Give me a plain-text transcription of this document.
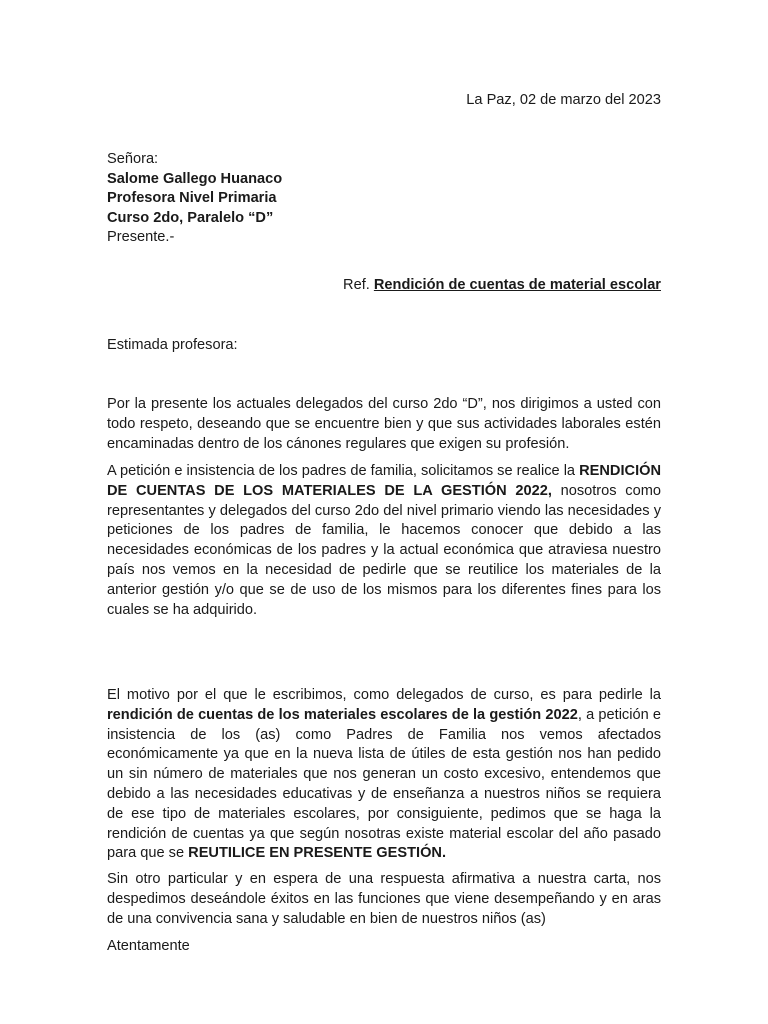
La Paz, 02 de marzo del 2023

Señora:
Salome Gallego Huanaco
Profesora Nivel Primaria
Curso 2do, Paralelo “D”
Presente.-

Ref. Rendición de cuentas de material escolar

Estimada profesora:

Por la presente los actuales delegados del curso 2do “D”, nos dirigimos a usted con todo respeto, deseando que se encuentre bien y que sus actividades laborales estén encaminadas dentro de los cánones regulares que exigen su profesión.

A petición e insistencia de los padres de familia, solicitamos se realice la RENDICIÓN DE CUENTAS DE LOS MATERIALES DE LA GESTIÓN 2022, nosotros como representantes y delegados del curso 2do del nivel primario viendo las necesidades y peticiones de los padres de familia, le hacemos conocer que debido a las necesidades económicas de los padres y la actual económica que atraviesa nuestro país nos vemos en la necesidad de pedirle que se reutilice los materiales de la anterior gestión y/o que se de uso de los mismos para los diferentes fines para los cuales se ha adquirido.

El motivo por el que le escribimos, como delegados de curso, es para pedirle la rendición de cuentas de los materiales escolares de la gestión 2022, a petición e insistencia de los (as) como Padres de Familia nos vemos afectados económicamente ya que en la nueva lista de útiles de esta gestión nos han pedido un sin número de materiales que nos generan un costo excesivo, entendemos que debido a las necesidades educativas y de enseñanza a nuestros niños se requiera de ese tipo de materiales escolares, por consiguiente, pedimos que se haga la rendición de cuentas ya que según nosotras existe material escolar del año pasado para que se REUTILICE EN PRESENTE GESTIÓN.

Sin otro particular y en espera de una respuesta afirmativa a nuestra carta, nos despedimos deseándole éxitos en las funciones que viene desempeñando y en aras de una convivencia sana y saludable en bien de nuestros niños (as)

Atentamente
